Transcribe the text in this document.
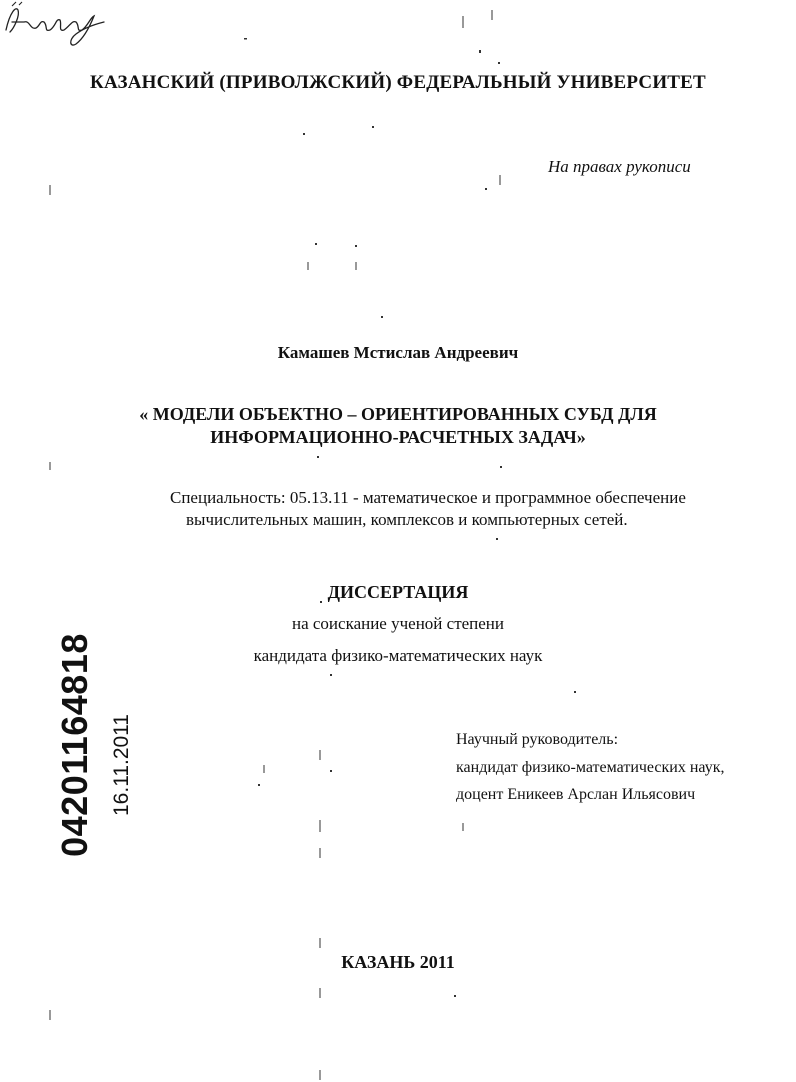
КАЗАНСКИЙ (ПРИВОЛЖСКИЙ) ФЕДЕРАЛЬНЫЙ УНИВЕРСИТЕТ
На правах рукописи
Камашев Мстислав Андреевич
« МОДЕЛИ ОБЪЕКТНО – ОРИЕНТИРОВАННЫХ СУБД ДЛЯ
ИНФОРМАЦИОННО-РАСЧЕТНЫХ ЗАДАЧ»
Специальность: 05.13.11 - математическое и программное обеспечение
вычислительных машин, комплексов и компьютерных сетей.
ДИССЕРТАЦИЯ
на соискание ученой степени
кандидата физико-математических наук
Научный руководитель:
кандидат физико-математических наук,
доцент Еникеев Арслан Ильясович
КАЗАНЬ 2011
04201164818 16.11.2011
